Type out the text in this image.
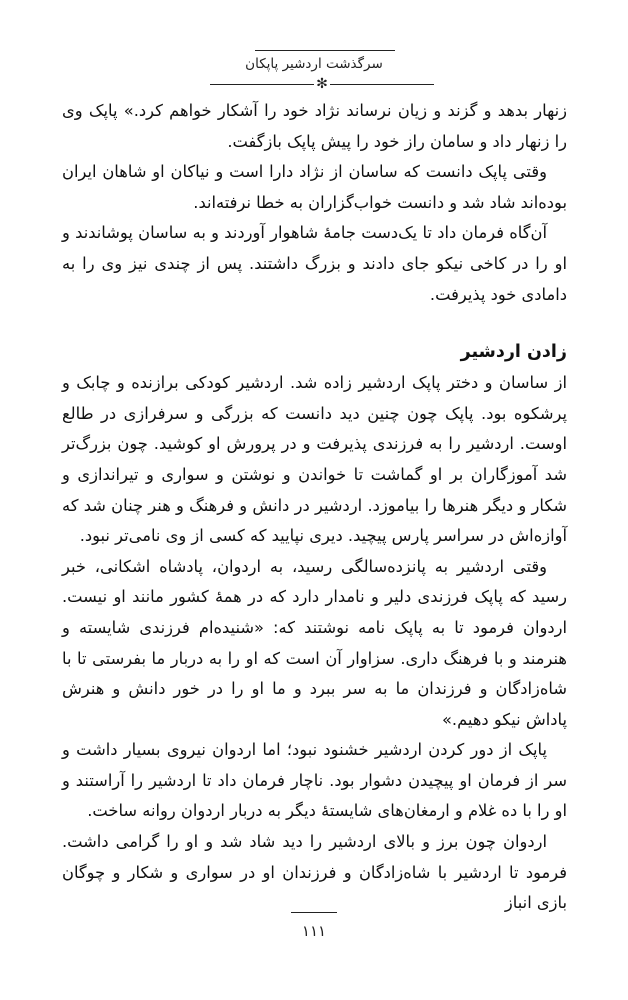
سرگذشت اردشیر پاپکان
✻

زنهار بدهد و گزند و زیان نرساند نژاد خود را آشکار خواهم کرد.» پاپک وی را زنهار داد و سامان راز خود را پیش پاپک بازگفت.

وقتی پاپک دانست که ساسان از نژاد دارا است و نیاکان او شاهان ایران بوده‌اند شاد شد و دانست خواب‌گزاران به خطا نرفته‌اند.

آن‌گاه فرمان داد تا یک‌دست جامهٔ شاهوار آوردند و به ساسان پوشاندند و او را در کاخی نیکو جای دادند و بزرگ داشتند. پس از چندی نیز وی را به دامادی خود پذیرفت.

زادن اردشیر

از ساسان و دختر پاپک اردشیر زاده شد. اردشیر کودکی برازنده و چابک و پرشکوه بود. پاپک چون چنین دید دانست که بزرگی و سرفرازی در طالع اوست. اردشیر را به فرزندی پذیرفت و در پرورش او کوشید. چون بزرگ‌تر شد آموزگاران بر او گماشت تا خواندن و نوشتن و سواری و تیراندازی و شکار و دیگر هنرها را بیاموزد. اردشیر در دانش و فرهنگ و هنر چنان شد که آوازه‌اش در سراسر پارس پیچید. دیری نپایید که کسی از وی نامی‌تر نبود.

وقتی اردشیر به پانزده‌سالگی رسید، به اردوان، پادشاه اشکانی، خبر رسید که پاپک فرزندی دلیر و نامدار دارد که در همهٔ کشور مانند او نیست. اردوان فرمود تا به پاپک نامه نوشتند که: «شنیده‌ام فرزندی شایسته و هنرمند و با فرهنگ داری. سزاوار آن است که او را به دربار ما بفرستی تا با شاه‌زادگان و فرزندان ما به سر ببرد و ما او را در خور دانش و هنرش پاداش نیکو دهیم.»

پاپک از دور کردن اردشیر خشنود نبود؛ اما اردوان نیروی بسیار داشت و سر از فرمان او پیچیدن دشوار بود. ناچار فرمان داد تا اردشیر را آراستند و او را با ده غلام و ارمغان‌های شایستهٔ دیگر به دربار اردوان روانه ساخت.

اردوان چون برز و بالای اردشیر را دید شاد شد و او را گرامی داشت. فرمود تا اردشیر با شاه‌زادگان و فرزندان او در سواری و شکار و چوگان بازی انباز

۱۱۱
